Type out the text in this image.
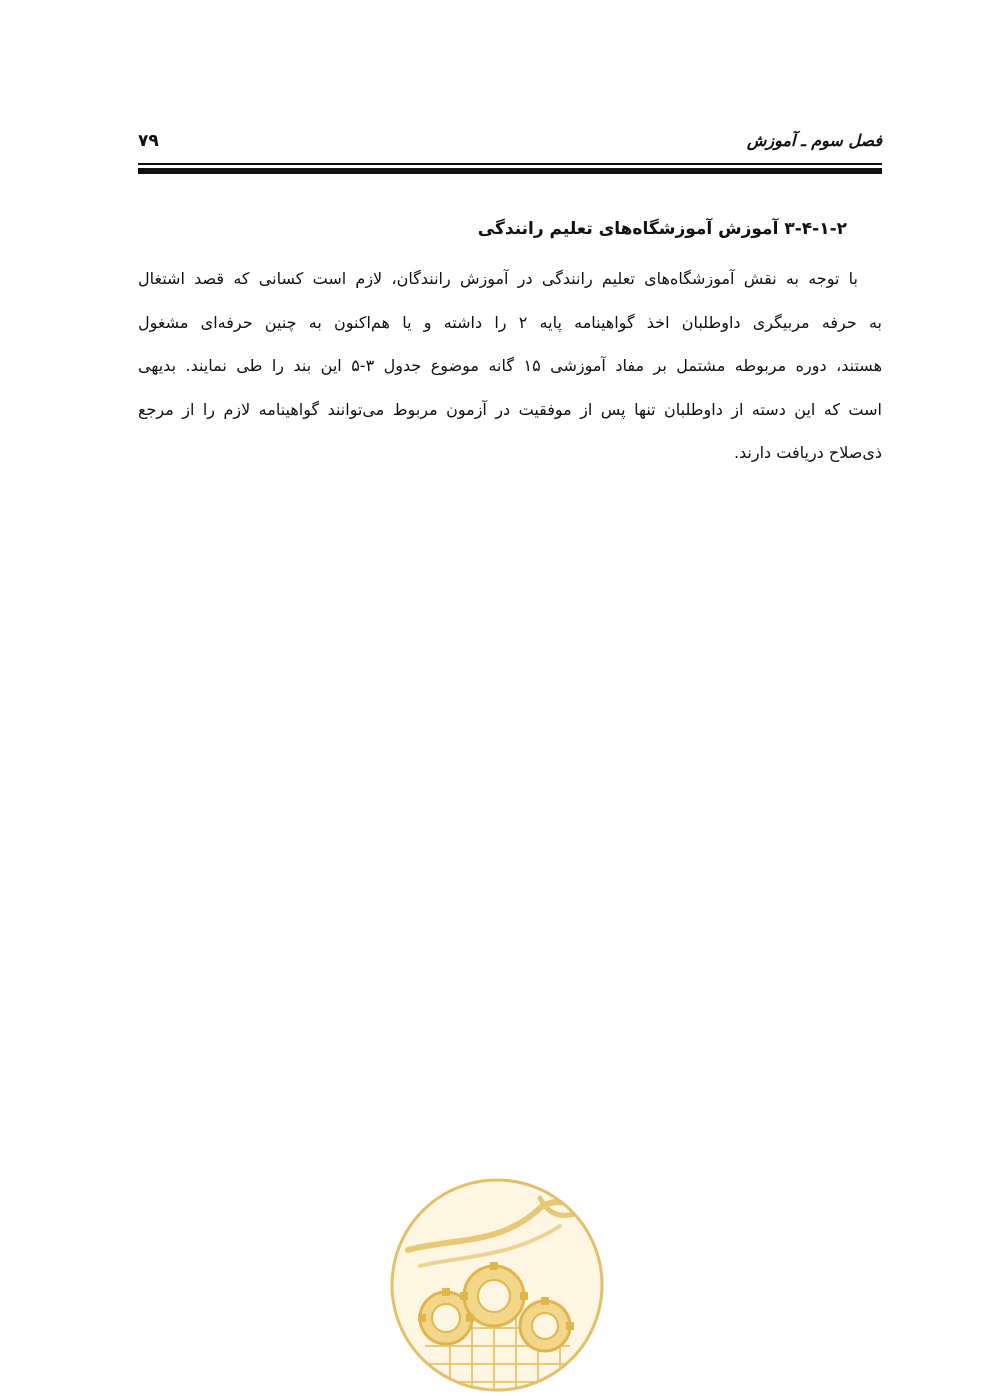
فصل سوم ـ آموزش
۷۹
۳-۴-۱-۲ آموزش آموزشگاه‌های تعلیم رانندگی
با توجه به نقش آموزشگاه‌های تعلیم رانندگی در آموزش رانندگان، لازم است کسانی که قصد اشتغال
به حرفه مربیگری داوطلبان اخذ گواهینامه پایه ۲ را داشته و یا هم‌اکنون به چنین حرفه‌ای مشغول
هستند، دوره مربوطه مشتمل بر مفاد آموزشی ۱۵ گانه موضوع جدول ۳-۵ این بند را طی نمایند. بدیهی
است که این دسته از داوطلبان تنها پس از موفقیت در آزمون مربوط می‌توانند گواهینامه لازم را از مرجع
ذی‌صلاح دریافت دارند.
